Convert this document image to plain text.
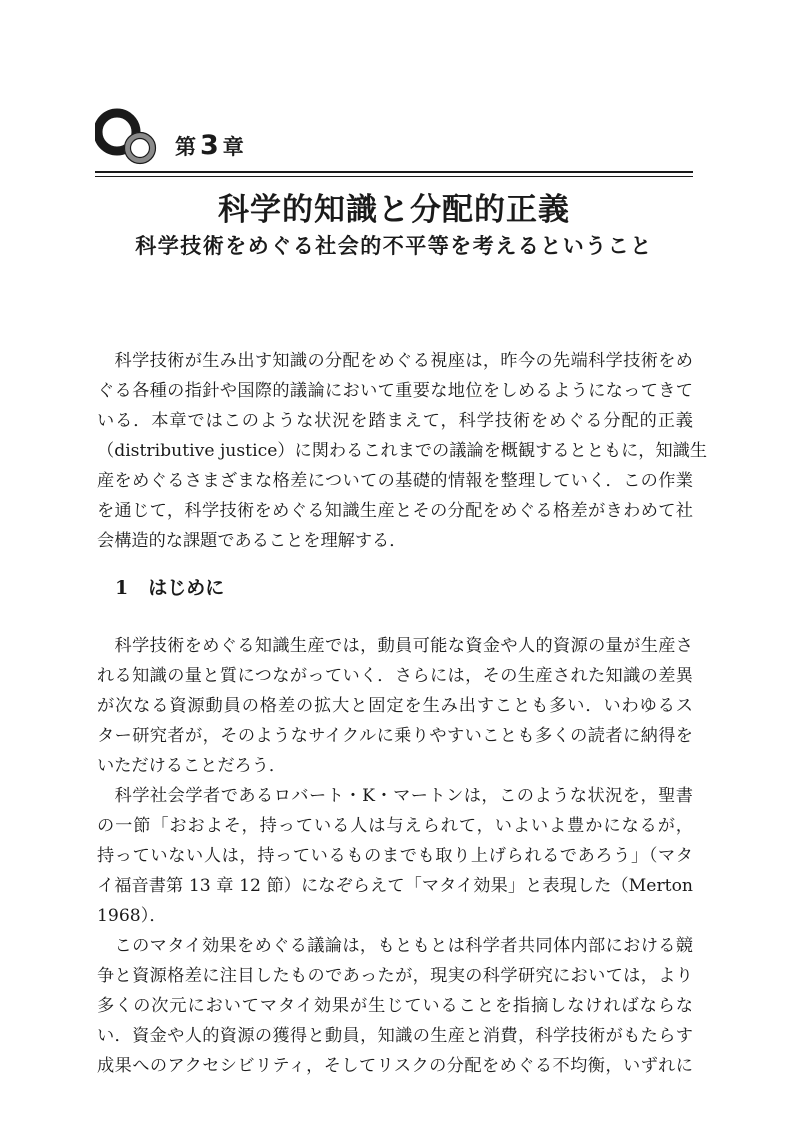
第 3 章
科学的知識と分配的正義
科学技術をめぐる社会的不平等を考えるということ

　科学技術が生み出す知識の分配をめぐる視座は，昨今の先端科学技術をめ

ぐる各種の指針や国際的議論において重要な地位をしめるようになってきて

いる．本章ではこのような状況を踏まえて，科学技術をめぐる分配的正義

（distributive justice）に関わるこれまでの議論を概観するとともに，知識生

産をめぐるさまざまな格差についての基礎的情報を整理していく．この作業

を通じて，科学技術をめぐる知識生産とその分配をめぐる格差がきわめて社

会構造的な課題であることを理解する．

1 はじめに

　科学技術をめぐる知識生産では，動員可能な資金や人的資源の量が生産さ

れる知識の量と質につながっていく．さらには，その生産された知識の差異

が次なる資源動員の格差の拡大と固定を生み出すことも多い．いわゆるス

ター研究者が，そのようなサイクルに乗りやすいことも多くの読者に納得を

いただけることだろう．

　科学社会学者であるロバート・K・マートンは，このような状況を，聖書

の一節「おおよそ，持っている人は与えられて，いよいよ豊かになるが，

持っていない人は，持っているものまでも取り上げられるであろう」（マタ

イ福音書第 13 章 12 節）になぞらえて「マタイ効果」と表現した（Merton

1968）．

　このマタイ効果をめぐる議論は，もともとは科学者共同体内部における競

争と資源格差に注目したものであったが，現実の科学研究においては，より

多くの次元においてマタイ効果が生じていることを指摘しなければならな

い．資金や人的資源の獲得と動員，知識の生産と消費，科学技術がもたらす

成果へのアクセシビリティ，そしてリスクの分配をめぐる不均衡，いずれに
